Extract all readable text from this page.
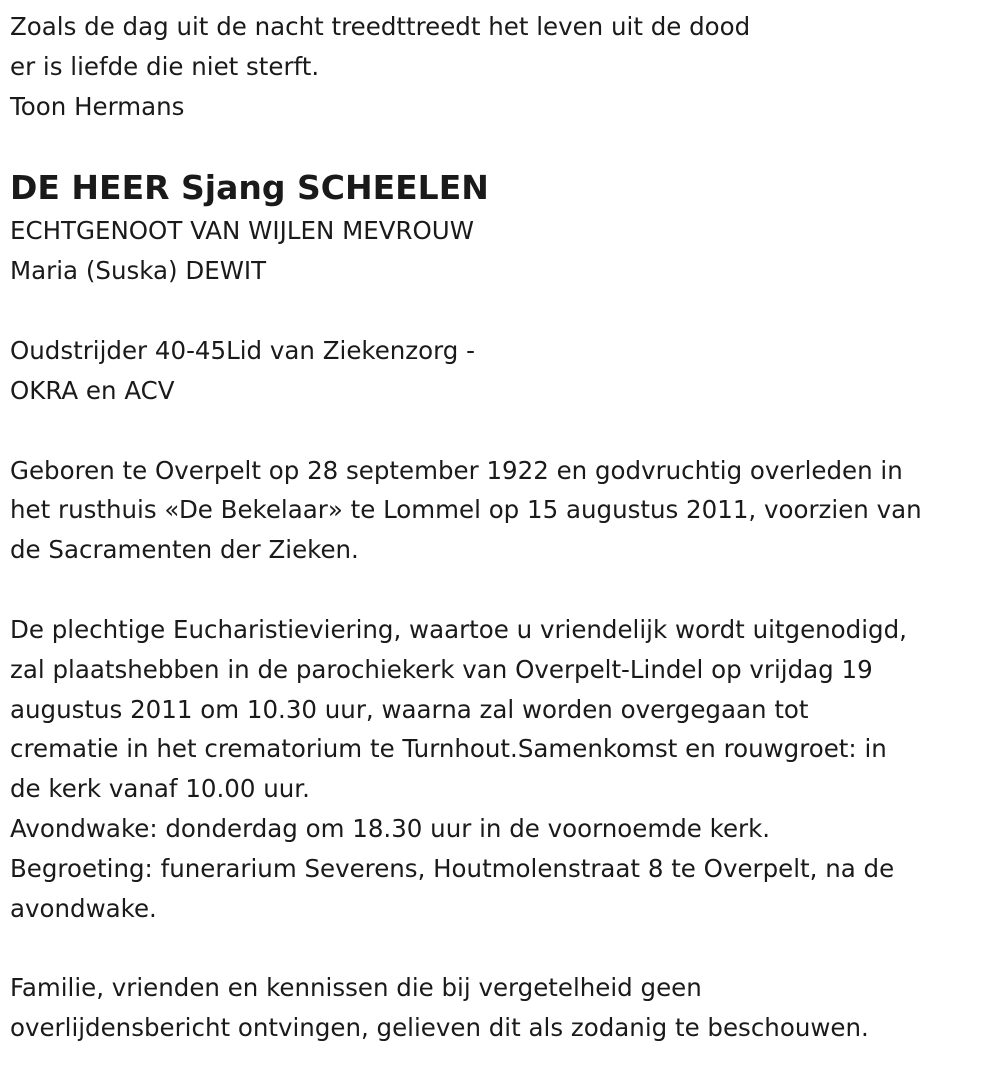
Zoals de dag uit de nacht treedttreedt het leven uit de dood
er is liefde die niet sterft.
Toon Hermans
DE HEER Sjang SCHEELEN
ECHTGENOOT VAN WIJLEN MEVROUW
Maria (Suska) DEWIT
Oudstrijder 40-45Lid van Ziekenzorg -
OKRA en ACV
Geboren te Overpelt op 28 september 1922 en godvruchtig overleden in
het rusthuis «De Bekelaar» te Lommel op 15 augustus 2011, voorzien van
de Sacramenten der Zieken.
De plechtige Eucharistieviering, waartoe u vriendelijk wordt uitgenodigd,
zal plaatshebben in de parochiekerk van Overpelt-Lindel op vrijdag 19
augustus 2011 om 10.30 uur, waarna zal worden overgegaan tot
crematie in het crematorium te Turnhout.Samenkomst en rouwgroet: in
de kerk vanaf 10.00 uur.
Avondwake: donderdag om 18.30 uur in de voornoemde kerk.
Begroeting: funerarium Severens, Houtmolenstraat 8 te Overpelt, na de
avondwake.
Familie, vrienden en kennissen die bij vergetelheid geen
overlijdensbericht ontvingen, gelieven dit als zodanig te beschouwen.
